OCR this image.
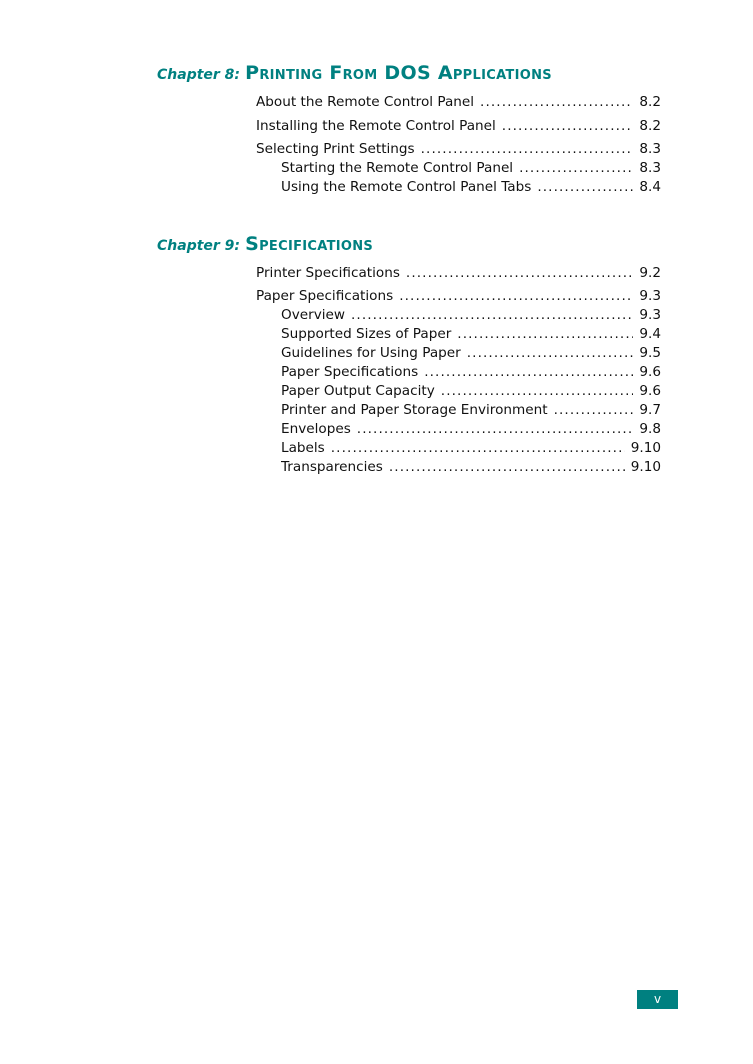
Chapter 8: Printing From DOS Applications
About the Remote Control Panel .....	8.2
Installing the Remote Control Panel .....	8.2
Selecting Print Settings .....	8.3
Starting the Remote Control Panel .....	8.3
Using the Remote Control Panel Tabs .....	8.4
Chapter 9: Specifications
Printer Specifications .....	9.2
Paper Specifications .....	9.3
Overview .....	9.3
Supported Sizes of Paper .....	9.4
Guidelines for Using Paper .....	9.5
Paper Specifications .....	9.6
Paper Output Capacity .....	9.6
Printer and Paper Storage Environment .....	9.7
Envelopes .....	9.8
Labels .....	9.10
Transparencies .....	9.10
v
